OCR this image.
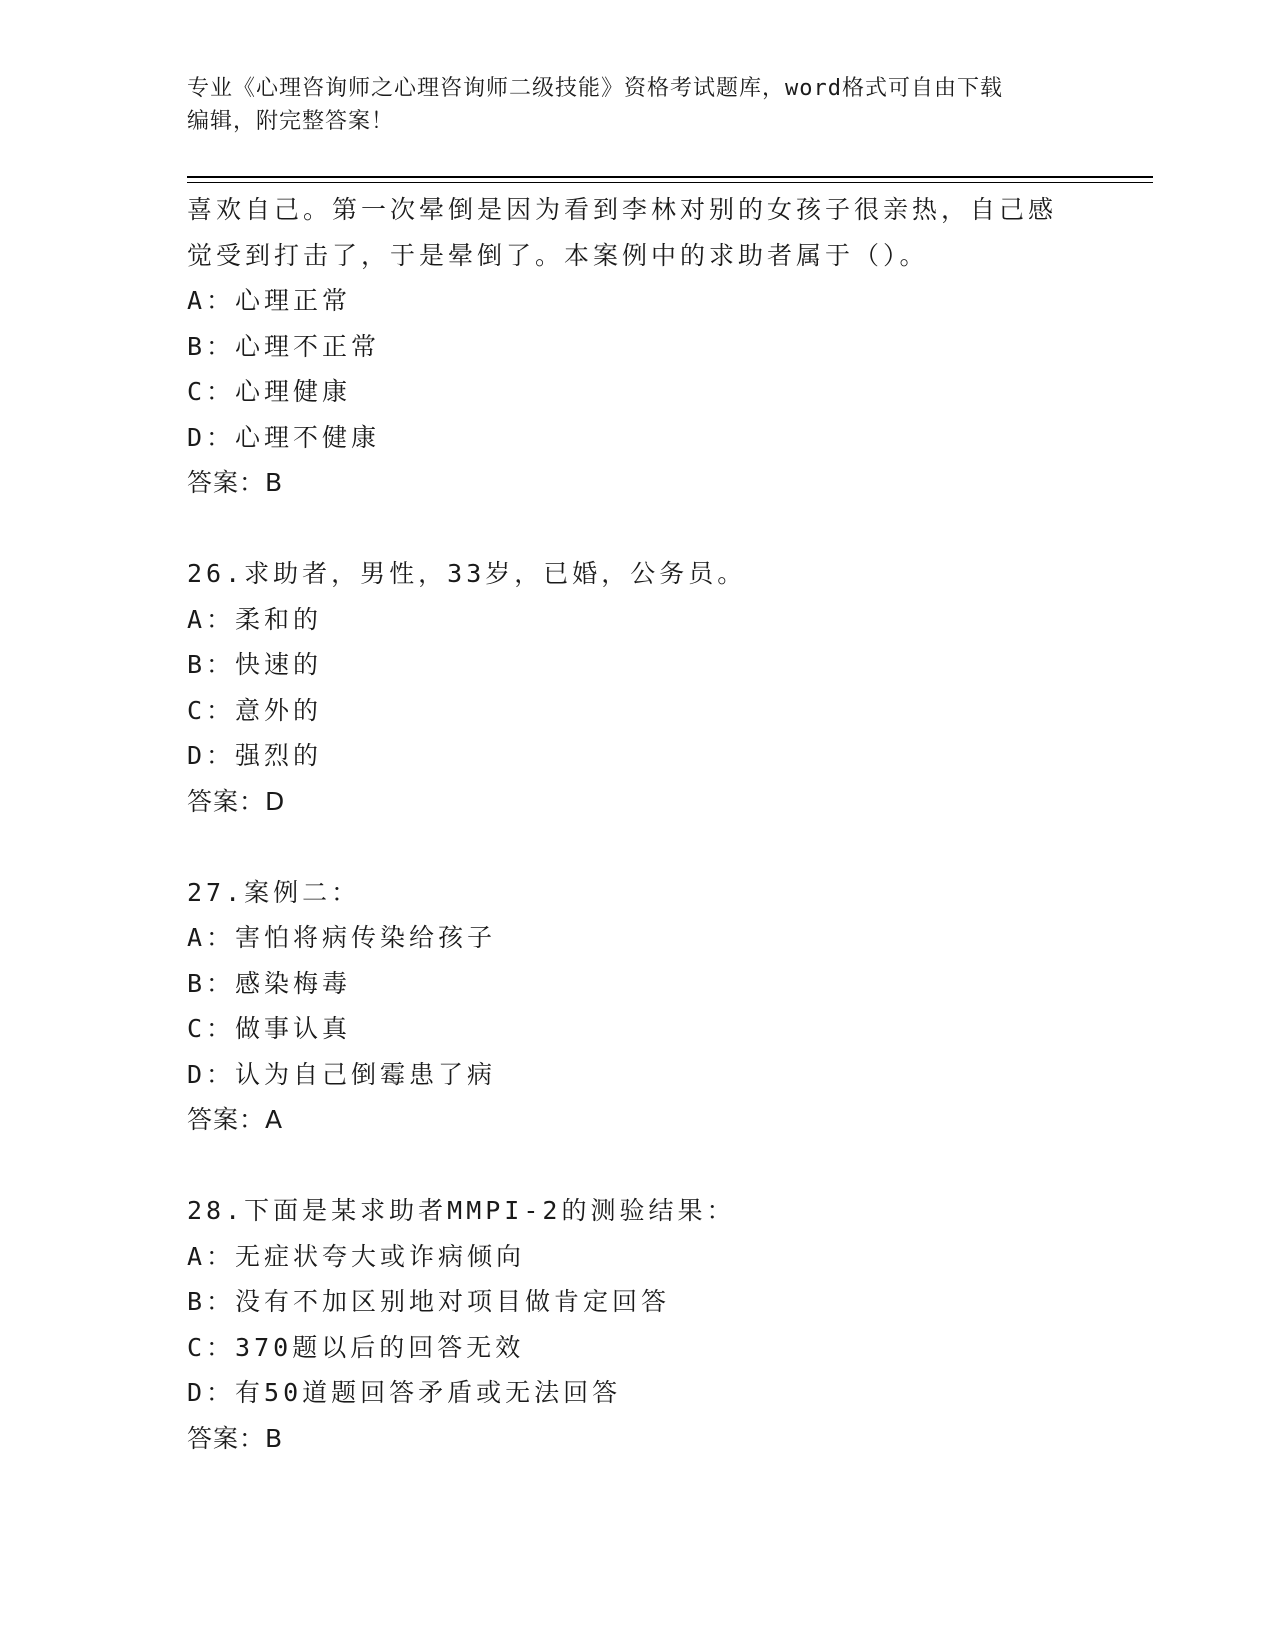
专业《心理咨询师之心理咨询师二级技能》资格考试题库，word格式可自由下载
编辑，附完整答案！
喜欢自己。第一次晕倒是因为看到李林对别的女孩子很亲热，自己感
觉受到打击了，于是晕倒了。本案例中的求助者属于（）。
A：心理正常
B：心理不正常
C：心理健康
D：心理不健康
答案：B
26.求助者，男性，33岁，已婚，公务员。
A：柔和的
B：快速的
C：意外的
D：强烈的
答案：D
27.案例二：
A：害怕将病传染给孩子
B：感染梅毒
C：做事认真
D：认为自己倒霉患了病
答案：A
28.下面是某求助者MMPI-2的测验结果：
A：无症状夸大或诈病倾向
B：没有不加区别地对项目做肯定回答
C：370题以后的回答无效
D：有50道题回答矛盾或无法回答
答案：B
